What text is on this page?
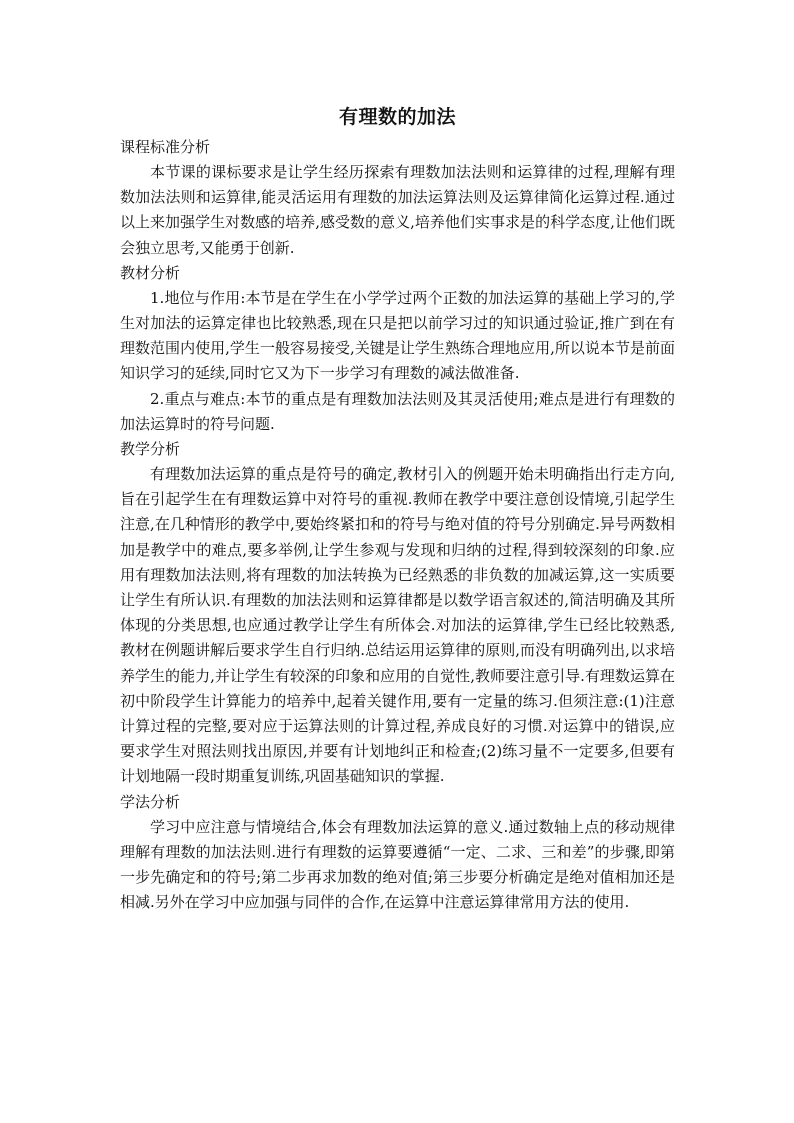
有理数的加法

课程标准分析

本节课的课标要求是让学生经历探索有理数加法法则和运算律的过程,理解有理数加法法则和运算律,能灵活运用有理数的加法运算法则及运算律简化运算过程.通过以上来加强学生对数感的培养,感受数的意义,培养他们实事求是的科学态度,让他们既会独立思考,又能勇于创新.

教材分析

1.地位与作用:本节是在学生在小学学过两个正数的加法运算的基础上学习的,学生对加法的运算定律也比较熟悉,现在只是把以前学习过的知识通过验证,推广到在有理数范围内使用,学生一般容易接受,关键是让学生熟练合理地应用,所以说本节是前面知识学习的延续,同时它又为下一步学习有理数的减法做准备.

2.重点与难点:本节的重点是有理数加法法则及其灵活使用;难点是进行有理数的加法运算时的符号问题.

教学分析

有理数加法运算的重点是符号的确定,教材引入的例题开始未明确指出行走方向,旨在引起学生在有理数运算中对符号的重视.教师在教学中要注意创设情境,引起学生注意,在几种情形的教学中,要始终紧扣和的符号与绝对值的符号分别确定.异号两数相加是教学中的难点,要多举例,让学生参观与发现和归纳的过程,得到较深刻的印象.应用有理数加法法则,将有理数的加法转换为已经熟悉的非负数的加减运算,这一实质要让学生有所认识.有理数的加法法则和运算律都是以数学语言叙述的,简洁明确及其所体现的分类思想,也应通过教学让学生有所体会.对加法的运算律,学生已经比较熟悉,教材在例题讲解后要求学生自行归纳.总结运用运算律的原则,而没有明确列出,以求培养学生的能力,并让学生有较深的印象和应用的自觉性,教师要注意引导.有理数运算在初中阶段学生计算能力的培养中,起着关键作用,要有一定量的练习.但须注意:(1)注意计算过程的完整,要对应于运算法则的计算过程,养成良好的习惯.对运算中的错误,应要求学生对照法则找出原因,并要有计划地纠正和检查;(2)练习量不一定要多,但要有计划地隔一段时期重复训练,巩固基础知识的掌握.

学法分析

学习中应注意与情境结合,体会有理数加法运算的意义.通过数轴上点的移动规律理解有理数的加法法则.进行有理数的运算要遵循“一定、二求、三和差”的步骤,即第一步先确定和的符号;第二步再求加数的绝对值;第三步要分析确定是绝对值相加还是相减.另外在学习中应加强与同伴的合作,在运算中注意运算律常用方法的使用.
